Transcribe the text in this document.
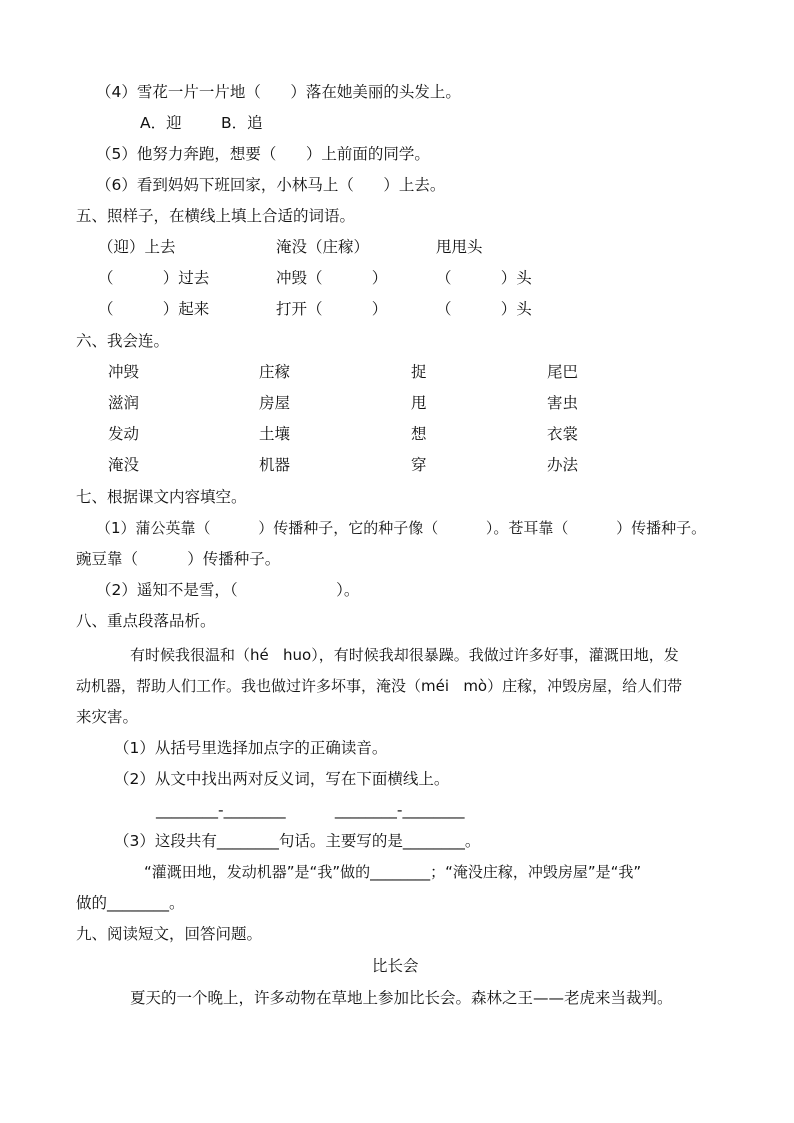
（4）雪花一片一片地（      ）落在她美丽的头发上。
A．迎        B．追
（5）他努力奔跑，想要（      ）上前面的同学。
（6）看到妈妈下班回家，小林马上（      ）上去。
五、照样子，在横线上填上合适的词语。
（迎）上去
（          ）过去
（          ）起来
淹没（庄稼）
冲毁（          ）
打开（          ）
甩甩头
（          ）头
（          ）头
六、我会连。
冲毁
滋润
发动
淹没
庄稼
房屋
土壤
机器
捉
甩
想
穿
尾巴
害虫
衣裳
办法
七、根据课文内容填空。
（1）蒲公英靠（          ）传播种子，它的种子像（          ）。苍耳靠（          ）传播种子。
豌豆靠（          ）传播种子。
（2）遥知不是雪，（                    ）。
八、重点段落品析。
有时候我很温和（hé   huo），有时候我却很暴躁。我做过许多好事，灌溉田地，发
动机器，帮助人们工作。我也做过许多坏事，淹没（méi   mò）庄稼，冲毁房屋，给人们带
来灾害。
（1）从括号里选择加点字的正确读音。
（2）从文中找出两对反义词，写在下面横线上。
________-________          ________-________
（3）这段共有________句话。主要写的是________。
“灌溉田地，发动机器”是“我”做的________；“淹没庄稼，冲毁房屋”是“我”
做的________。
九、阅读短文，回答问题。
比长会
夏天的一个晚上，许多动物在草地上参加比长会。森林之王——老虎来当裁判。
